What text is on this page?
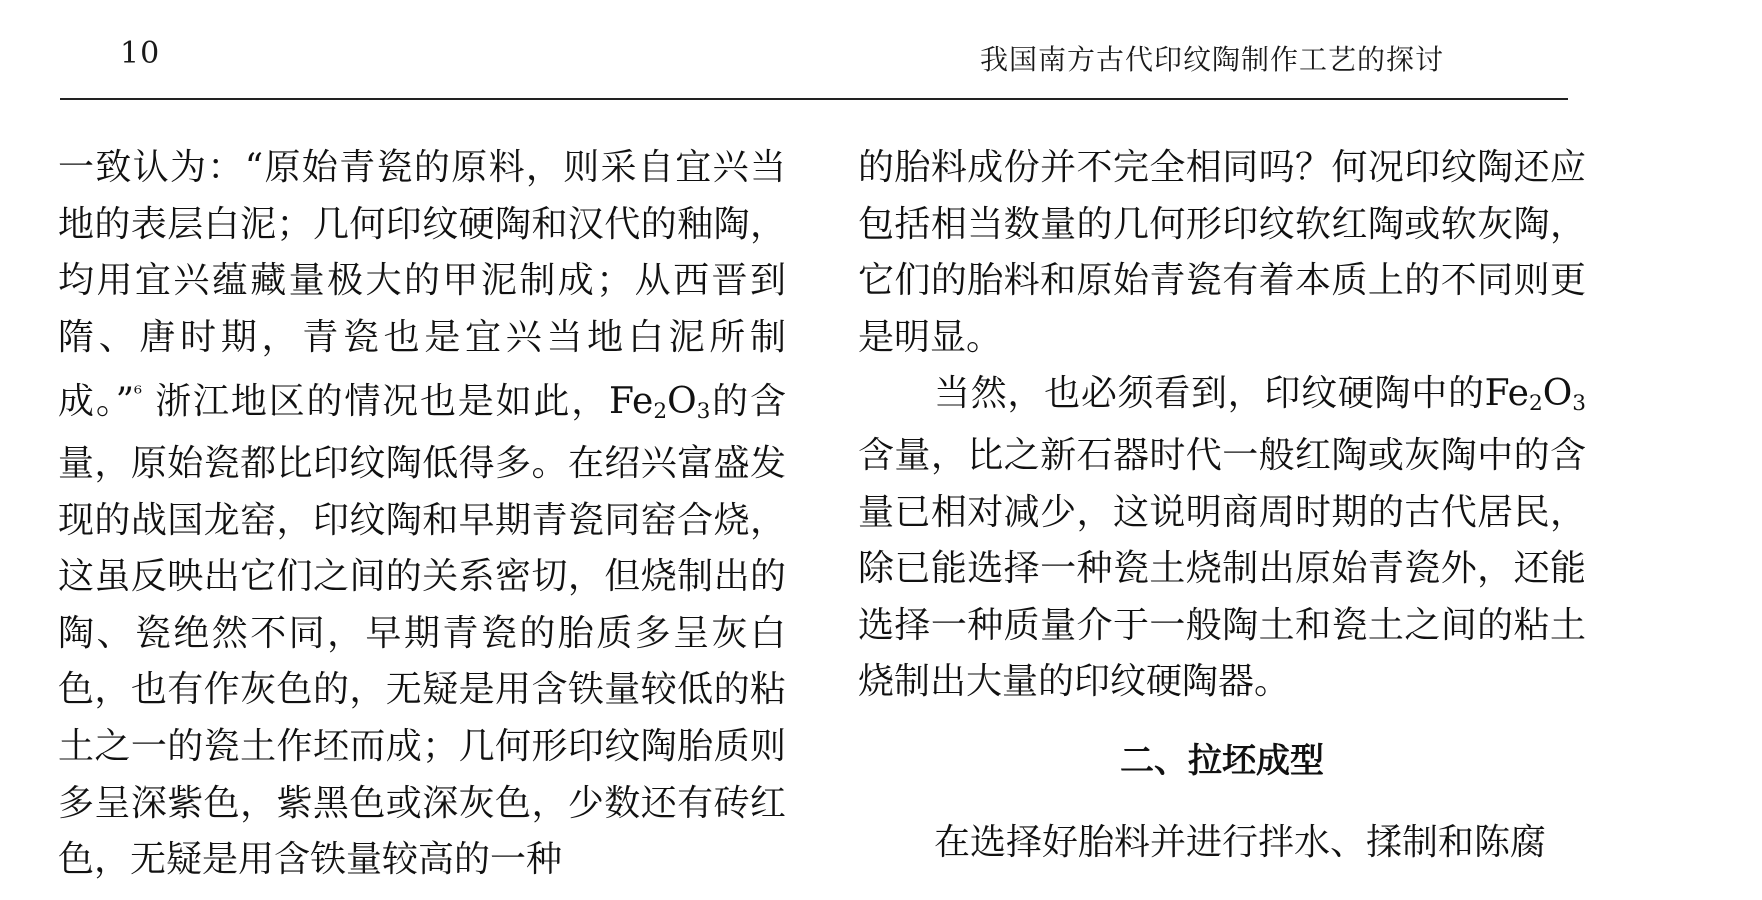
10	我国南方古代印纹陶制作工艺的探讨

一致认为：“原始青瓷的原料，则采自宜兴当地的表层白泥；几何印纹硬陶和汉代的釉陶，均用宜兴蕴藏量极大的甲泥制成；从西晋到隋、唐时期，青瓷也是宜兴当地白泥所制成。”$^{^6}$ 浙江地区的情况也是如此，$Fe_2O_3$的含量，原始瓷都比印纹陶低得多。在绍兴富盛发现的战国龙窑，印纹陶和早期青瓷同窑合烧，这虽反映出它们之间的关系密切，但烧制出的陶、瓷绝然不同，早期青瓷的胎质多呈灰白色，也有作灰色的，无疑是用含铁量较低的粘土之一的瓷土作坯而成；几何形印纹陶胎质则多呈深紫色，紫黑色或深灰色，少数还有砖红色，无疑是用含铁量较高的一种

的胎料成份并不完全相同吗？何况印纹陶还应包括相当数量的几何形印纹软红陶或软灰陶，它们的胎料和原始青瓷有着本质上的不同则更是明显。

当然，也必须看到，印纹硬陶中的$Fe_2O_3$含量，比之新石器时代一般红陶或灰陶中的含量已相对减少，这说明商周时期的古代居民，除已能选择一种瓷土烧制出原始青瓷外，还能选择一种质量介于一般陶土和瓷土之间的粘土烧制出大量的印纹硬陶器。

二、拉坯成型

在选择好胎料并进行拌水、揉制和陈腐
